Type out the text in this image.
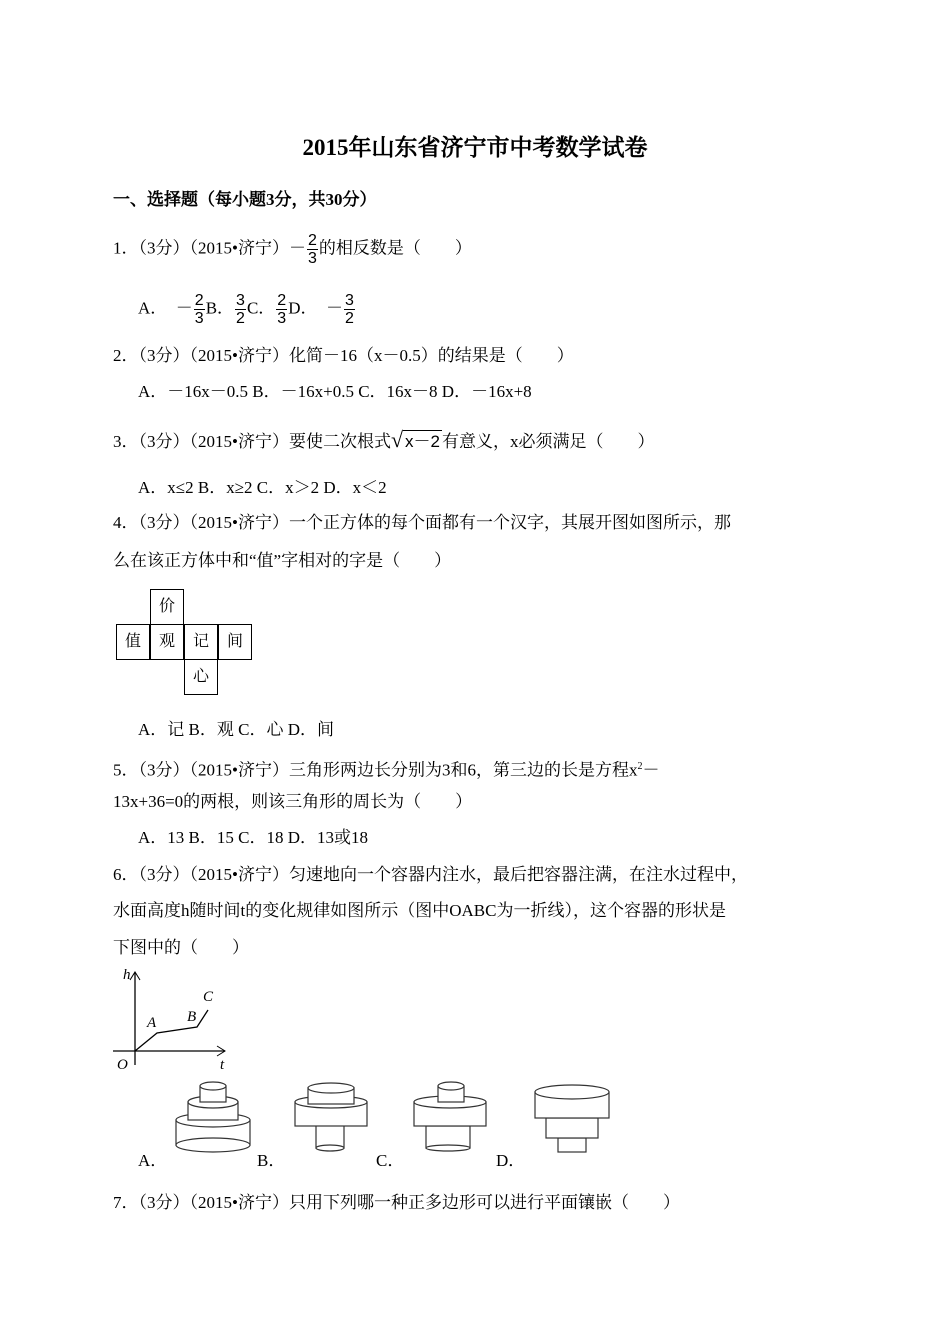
2015年山东省济宁市中考数学试卷
一、选择题（每小题3分，共30分）
1．（3分）（2015•济宁）－ $\frac{2}{3}$ 的相反数是（　　）
A．　－ $\frac{2}{3}$ B． $\frac{3}{2}$ C． $\frac{2}{3}$ D．　－ $\frac{3}{2}$
2．（3分）（2015•济宁）化简－16（x－0.5）的结果是（　　）
A．－16x－0.5 B．－16x+0.5 C．16x－8 D．－16x+8
3．（3分）（2015•济宁）要使二次根式√ x－2 有意义，x必须满足（　　）
A．x≤2 B．x≥2 C．x＞2 D．x＜2
4．（3分）（2015•济宁）一个正方体的每个面都有一个汉字，其展开图如图所示，那
么在该正方体中和“值”字相对的字是（　　）
价
值	观	记	间
心
A．记 B．观 C．心 D．间
5．（3分）（2015•济宁）三角形两边长分别为3和6，第三边的长是方程$x^2-$
13x+36=0的两根，则该三角形的周长为（　　）
A．13 B．15 C．18 D．13或18
6．（3分）（2015•济宁）匀速地向一个容器内注水，最后把容器注满，在注水过程中，
水面高度h随时间t的变化规律如图所示（图中OABC为一折线），这个容器的形状是
下图中的（　　）
h
t
O
A B
C
A．	B．	C．	D．
7．（3分）（2015•济宁）只用下列哪一种正多边形可以进行平面镶嵌（　　）
